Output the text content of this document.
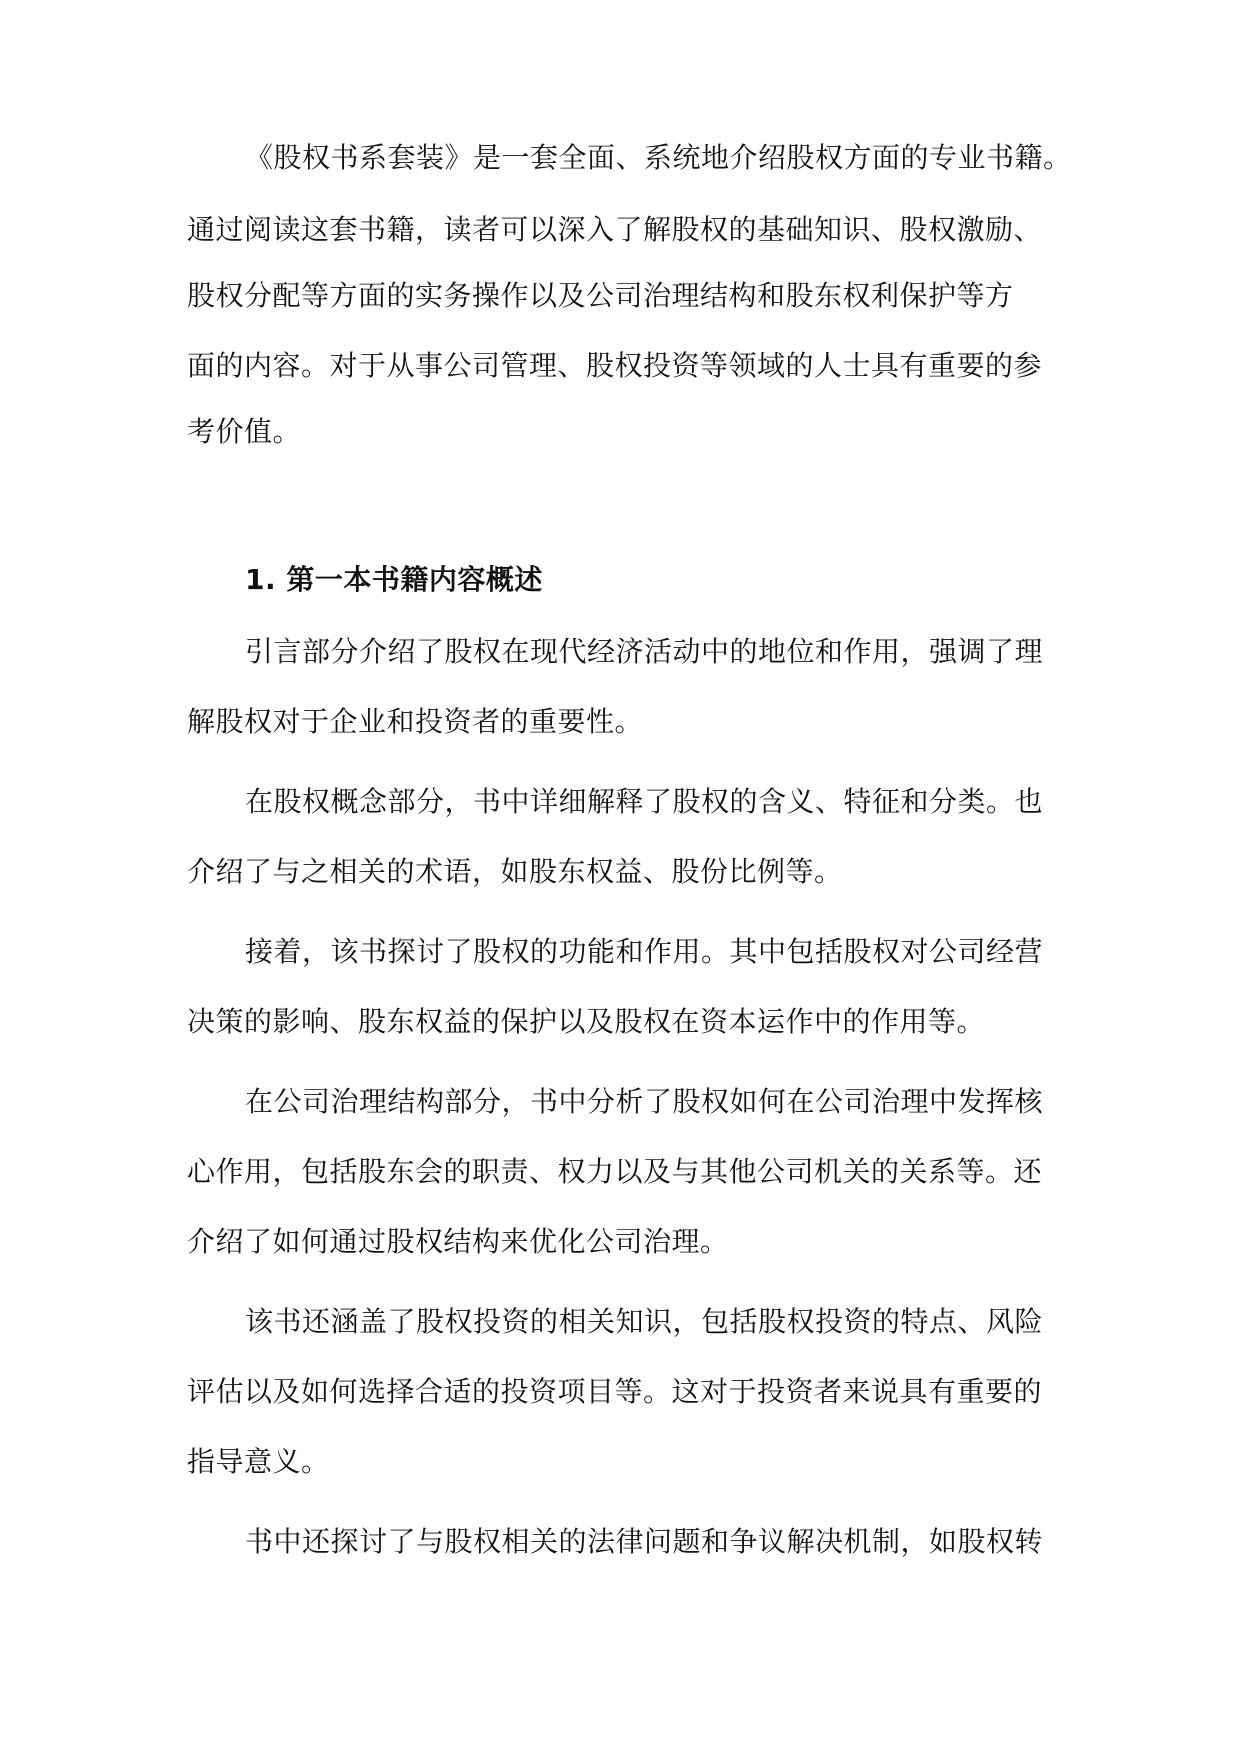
《股权书系套装》是一套全面、系统地介绍股权方面的专业书籍。
通过阅读这套书籍，读者可以深入了解股权的基础知识、股权激励、
股权分配等方面的实务操作以及公司治理结构和股东权利保护等方
面的内容。对于从事公司管理、股权投资等领域的人士具有重要的参
考价值。
1. 第一本书籍内容概述
引言部分介绍了股权在现代经济活动中的地位和作用，强调了理
解股权对于企业和投资者的重要性。
在股权概念部分，书中详细解释了股权的含义、特征和分类。也
介绍了与之相关的术语，如股东权益、股份比例等。
接着，该书探讨了股权的功能和作用。其中包括股权对公司经营
决策的影响、股东权益的保护以及股权在资本运作中的作用等。
在公司治理结构部分，书中分析了股权如何在公司治理中发挥核
心作用，包括股东会的职责、权力以及与其他公司机关的关系等。还
介绍了如何通过股权结构来优化公司治理。
该书还涵盖了股权投资的相关知识，包括股权投资的特点、风险
评估以及如何选择合适的投资项目等。这对于投资者来说具有重要的
指导意义。
书中还探讨了与股权相关的法律问题和争议解决机制，如股权转
